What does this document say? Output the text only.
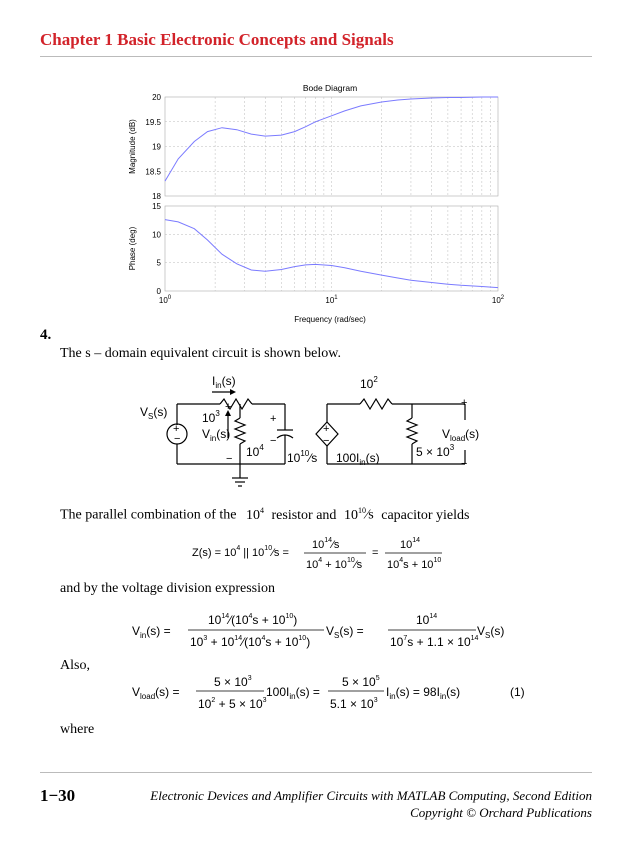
Chapter 1 Basic Electronic Concepts and Signals
Bode Diagram
20
19.5
19
18.5
18
Magnitude (dB)
15
10
5
0
Phase (deg)
$10^0$	$10^1$	$10^2$
Frequency (rad/sec)
4.
The s – domain equivalent circuit is shown below.
$I_{in}(s)$	$10^2$
$V_S(s)$	$10^3$
$V_{in}(s)$
$10^4$
$10^{10}⁄s$ $100I_{in}(s)$	$5 \times 10^3$
$V_{load}(s)$
+
−
+
−
+
−
+
−
+
−
The parallel combination of the $10^4$ resistor and $10^{10}⁄s$ capacitor yields
$Z(s) = 10^4$ || $10^{10}⁄s$ =
$10^{14}⁄s$
$10^4$ + $10^{10}⁄s$
=
$10^{14}$
$10^4s + 10^{10}$
and by the voltage division expression
$V_{in}(s)$ =
$10^{14}⁄(10^4s + 10^{10})$
$10^3$ + $10^{14}⁄(10^4s + 10^{10})$
$V_S(s)$ =
$10^{14}$
$10^7s + 1.1 \times 10^{14}$
$V_S(s)$
Also,
$V_{load}(s)$ =
$5 \times 10^3$
$10^2 + 5 \times 10^3$
$100I_{in}(s)$ =
$5 \times 10^5$
$5.1 \times 10^3$
$I_{in}(s) = 98I_{in}(s)$	(1)
where
1−30	Electronic Devices and Amplifier Circuits with MATLAB Computing, Second Edition
Copyright © Orchard Publications
